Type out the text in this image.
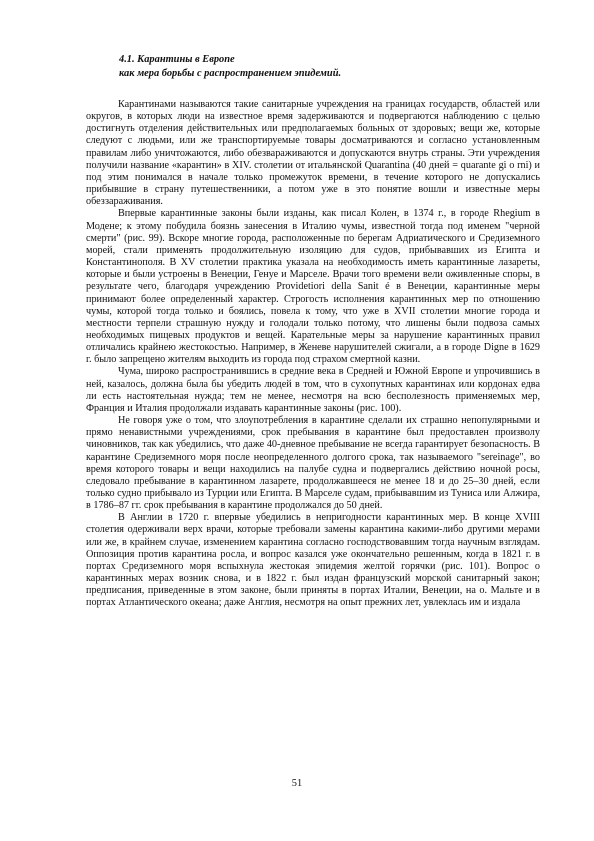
4.1. Карантины в Европе
как мера борьбы с распространением эпидемий.

Карантинами называются такие санитарные учреждения на границах государств, областей или округов, в которых люди на известное время задерживаются и подвергаются наблюдению с целью достигнуть отделения действительных или предполагаемых больных от здоровых; вещи же, которые следуют с людьми, или же транспортируемые товары досматриваются и согласно установленным правилам либо уничтожаются, либо обезвараживаются и допускаются внутрь страны. Эти учреждения получили название «карантин» в XIV. столетии от итальянской Quarantina (40 дней = quarante gi o rni) и под этим понимался в начале только промежуток времени, в течение которого не допускались прибывшие в страну путешественники, а потом уже в это понятие вошли и известные меры обеззараживания.

Впервые карантинные законы были изданы, как писал Колен, в 1374 г., в городе Rhegium в Модене; к этому побудила боязнь занесения в Италию чумы, известной тогда под именем "черной смерти" (рис. 99). Вскоре многие города, расположенные по берегам Адриатического и Средиземного морей, стали применять продолжительную изоляцию для судов, прибывавших из Египта и Константинополя. В XV столетии практика указала на необходимость иметь карантинные лазареты, которые и были устроены в Венеции, Генуе и Марселе. Врачи того времени вели оживленные споры, в результате чего, благодаря учреждению Providetiori della Sanit é в Венеции, карантинные меры принимают более определенный характер. Строгость исполнения карантинных мер по отношению чумы, которой тогда только и боялись, повела к тому, что уже в XVII столетии многие города и местности терпели страшную нужду и голодали только потому, что лишены были подвоза самых необходимых пищевых продуктов и вещей. Карательные меры за нарушение карантинных правил отличались крайнею жестокостью. Например, в Женеве нарушителей сжигали, а в городе Digne в 1629 г. было запрещено жителям выходить из города под страхом смертной казни.

Чума, широко распространившись в средние века в Средней и Южной Европе и упрочившись в ней, казалось, должна была бы убедить людей в том, что в сухопутных карантинах или кордонах едва ли есть настоятельная нужда; тем не менее, несмотря на всю бесполезность применяемых мер, Франция и Италия продолжали издавать карантинные законы (рис. 100).

Не говоря уже о том, что злоупотребления в карантине сделали их страшно непопулярными и прямо ненавистными учреждениями, срок пребывания в карантине был предоставлен произволу чиновников, так как убедились, что даже 40-дневное пребывание не всегда гарантирует безопасность. В карантине Средиземного моря после неопределенного долгого срока, так называемого "sereinage", во время которого товары и вещи находились на палубе судна и подвергались действию ночной росы, следовало пребывание в карантинном лазарете, продолжавшееся не менее 18 и до 25–30 дней, если только судно прибывало из Турции или Египта. В Марселе судам, прибывавшим из Туниса или Алжира, в 1786–87 гг. срок пребывания в карантине продолжался до 50 дней.

В Англии в 1720 г. впервые убедились в непригодности карантинных мер. В конце XVIII столетия одерживали верх врачи, которые требовали замены карантина какими-либо другими мерами или же, в крайнем случае, изменением карантина согласно господствовавшим тогда научным взглядам. Оппозиция против карантина росла, и вопрос казался уже окончательно решенным, когда в 1821 г. в портах Средиземного моря вспыхнула жестокая эпидемия желтой горячки (рис. 101). Вопрос о карантинных мерах возник снова, и в 1822 г. был издан французский морской санитарный закон; предписания, приведенные в этом законе, были приняты в портах Италии, Венеции, на о. Мальте и в портах Атлантического океана; даже Англия, несмотря на опыт прежних лет, увлеклась им и издала

51
